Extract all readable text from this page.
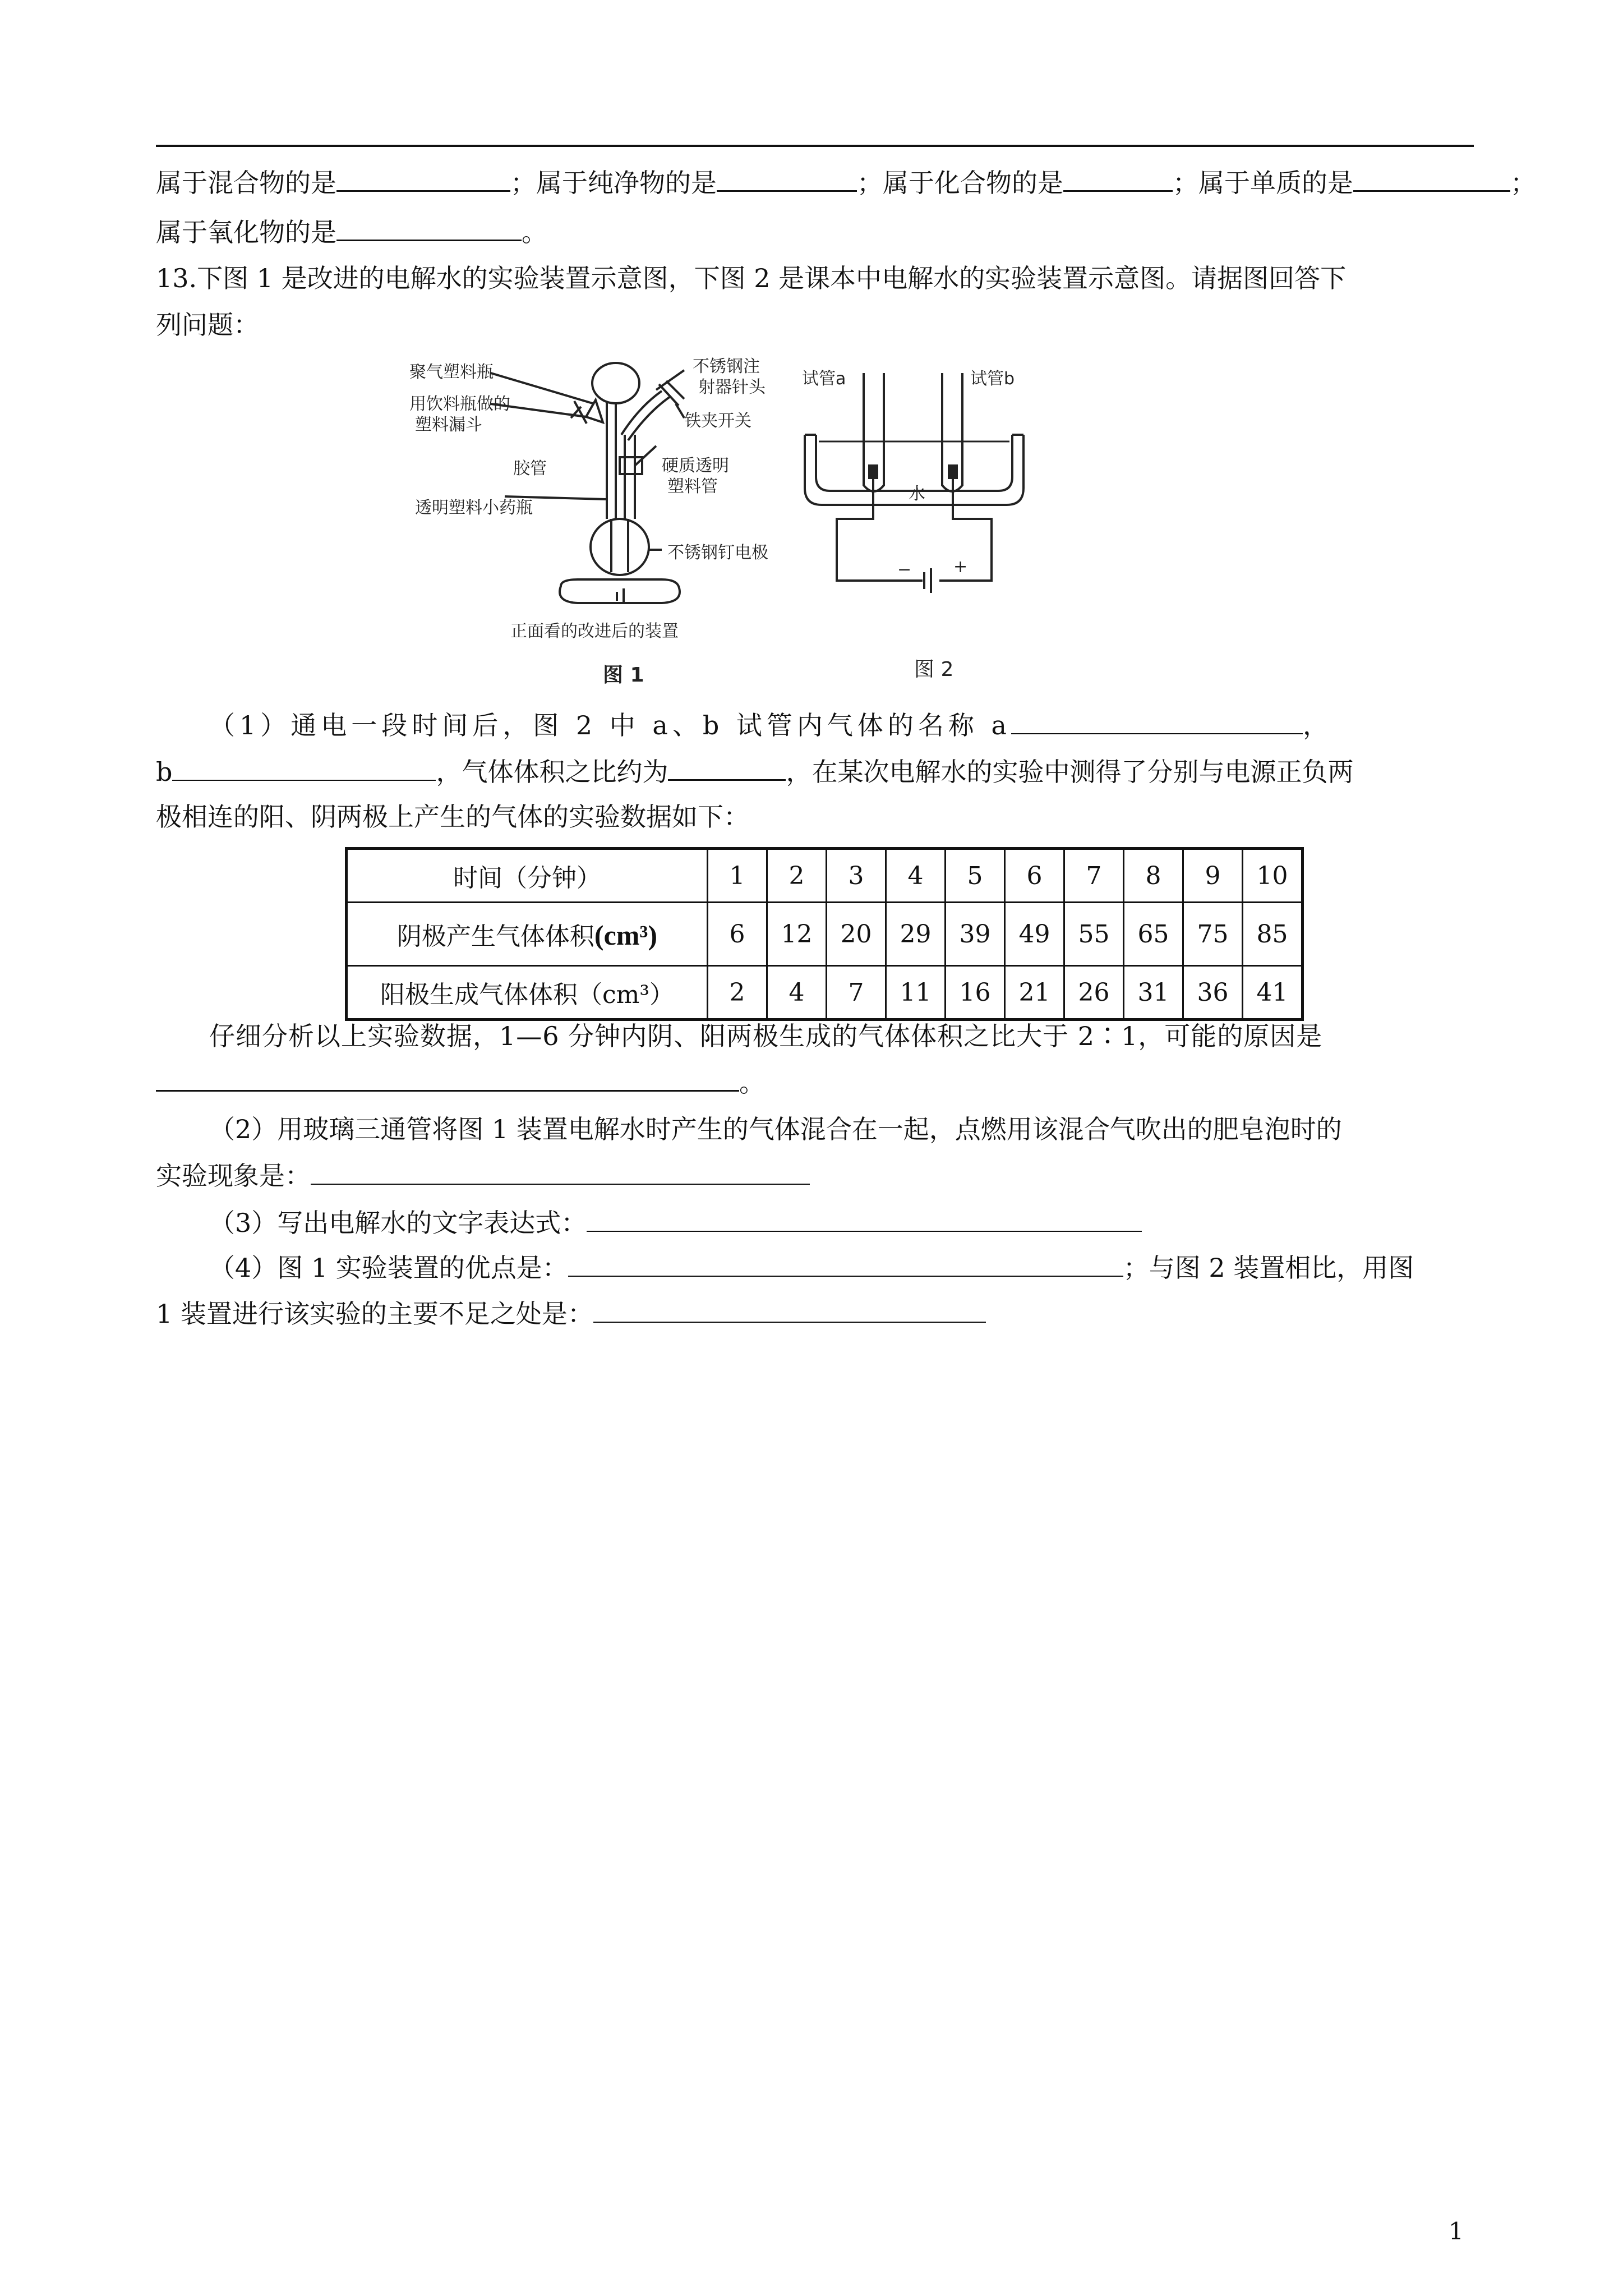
属于混合物的是	；属于纯净物的是	；属于化合物的是	；属于单质的是	；
属于氧化物的是	。
13.下图 1 是改进的电解水的实验装置示意图，下图 2 是课本中电解水的实验装置示意图。请据图回答下
列问题：
聚气塑料瓶	不锈钢注
射器针头
用饮料瓶做的
塑料漏斗	铁夹开关
胶管	硬质透明
塑料管
透明塑料小药瓶
不锈钢钉电极
正面看的改进后的装置
图 1
试管a	试管b
水
− +
图 2
（1）通电一段时间后，图 2 中 a、b 试管内气体的名称 a	，
b	，气体体积之比约为	，在某次电解水的实验中测得了分别与电源正负两
极相连的阳、阴两极上产生的气体的实验数据如下：
时间（分钟）	1	2	3	4	5	6	7	8	9	10
阴极产生气体体积(cm³)	6	12	20	29	39	49	55	65	75	85
阳极生成气体体积（cm³）	2	4	7	11	16	21	26	31	36	41
仔细分析以上实验数据，1—6 分钟内阴、阳两极生成的气体体积之比大于 2∶1，可能的原因是
。
（2）用玻璃三通管将图 1 装置电解水时产生的气体混合在一起，点燃用该混合气吹出的肥皂泡时的
实验现象是：
（3）写出电解水的文字表达式：
（4）图 1 实验装置的优点是：	；与图 2 装置相比，用图
1 装置进行该实验的主要不足之处是：
1
